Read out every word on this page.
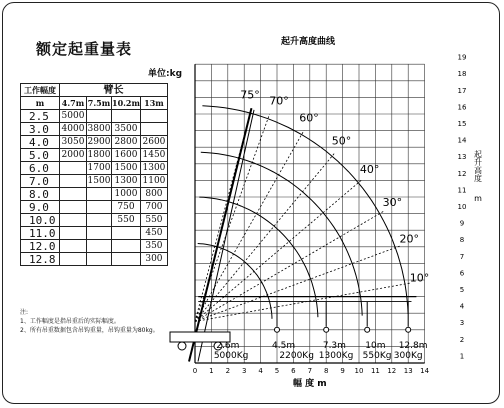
额定起重量表
单位:kg
工作幅度	臂长			
m	4.7m	7.5m	10.2m	13m
2.5	5000			
3.0	4000	3800	3500	
4.0	3050	2900	2800	2600
5.0	2000	1800	1600	1450
6.0		1700	1500	1300
7.0		1500	1300	1100
8.0			1000	800
9.0			750	700
10.0			550	550
11.0				450
12.0				350
12.8				300
注:
1、工作幅度是指吊重后的实际幅度。
2、所有吊重数据包含吊钩重量，吊钩重量为80kg。
0 1 2 3 4 5 6 7 8 9 10 11 12 13 14
幅 度 m
1
2
3
4
5
6
7
8
9
10
11
12
13
14
15
16
17
18
19
起升高度
m
起升高度曲线
75° 70°
60°
50°
40°
30°
20°
10°
2.6m
5000Kg
4.5m
2200Kg
7.3m
1300Kg
10m
550Kg
12.8m
300Kg
